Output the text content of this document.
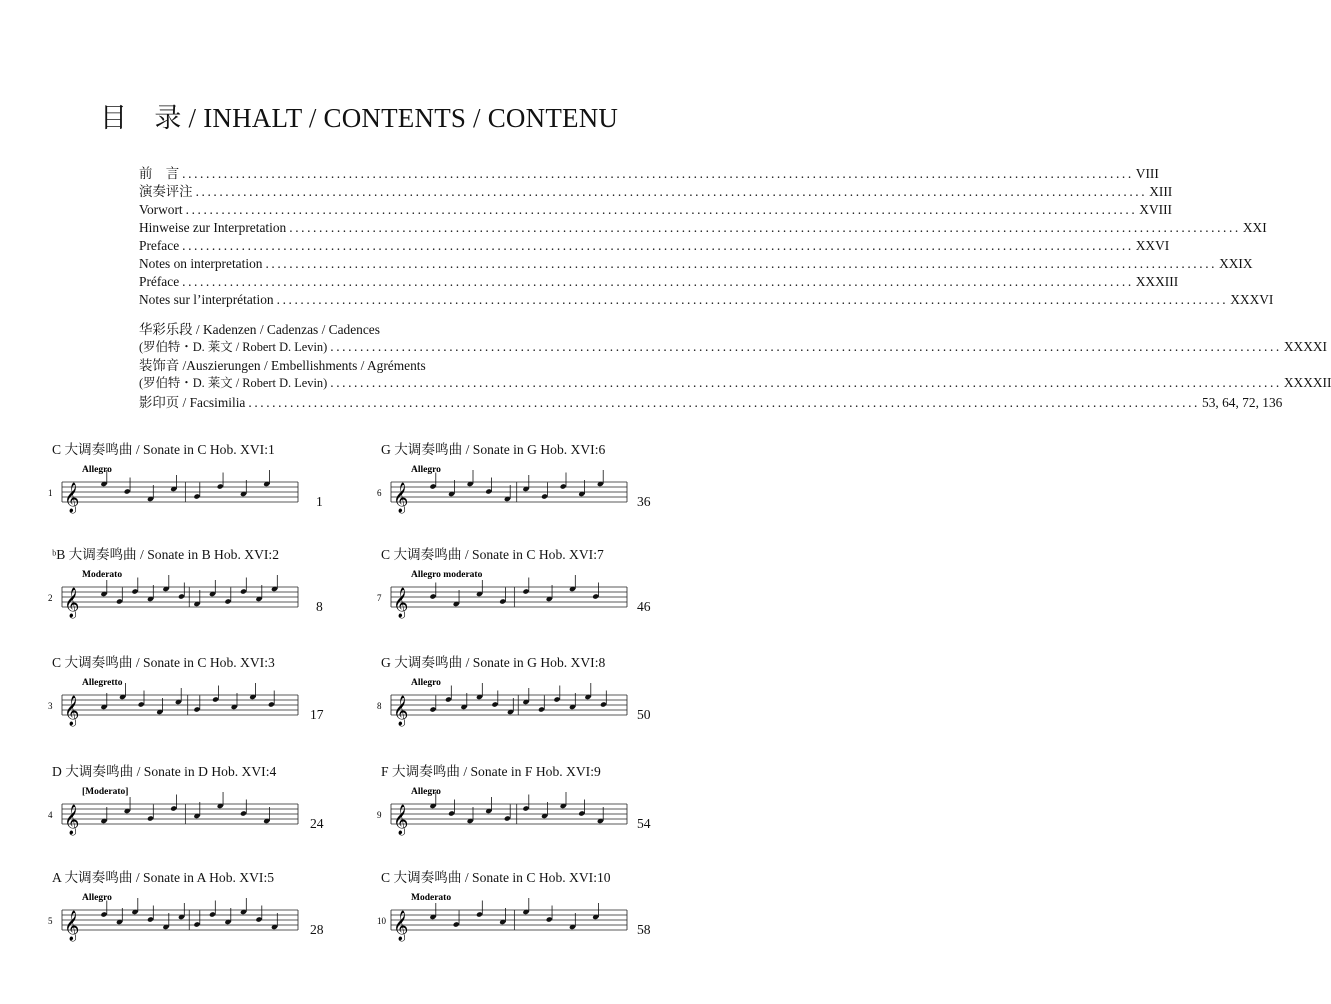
目　录 / INHALT / CONTENTS / CONTENU
前　言 ................................................................................................................................................................ VIII
演奏评注 ................................................................................................................................................................ XIII
Vorwort ................................................................................................................................................................ XVIII
Hinweise zur Interpretation ................................................................................................................................................................ XXI
Preface ................................................................................................................................................................ XXVI
Notes on interpretation ................................................................................................................................................................ XXIX
Préface ................................................................................................................................................................ XXXIII
Notes sur l’interprétation ................................................................................................................................................................ XXXVI
华彩乐段 / Kadenzen / Cadenzas / Cadences
(罗伯特・D. 莱文 / Robert D. Levin) ................................................................................................................................................................ XXXXI
装饰音 /Auszierungen / Embellishments / Agréments
(罗伯特・D. 莱文 / Robert D. Levin) ................................................................................................................................................................ XXXXII
影印页 / Facsimilia ................................................................................................................................................................ 53, 64, 72, 136
C 大调奏鸣曲 / Sonate in C Hob. XVI:1
Allegro
1 𝄞	1
ᵇB 大调奏鸣曲 / Sonate in B Hob. XVI:2
Moderato
2 𝄞	8
C 大调奏鸣曲 / Sonate in C Hob. XVI:3
Allegretto
3 𝄞	17
D 大调奏鸣曲 / Sonate in D Hob. XVI:4
[Moderato]
4 𝄞	24
A 大调奏鸣曲 / Sonate in A Hob. XVI:5
Allegro
5 𝄞	28
G 大调奏鸣曲 / Sonate in G Hob. XVI:6
Allegro
6 𝄞	36
C 大调奏鸣曲 / Sonate in C Hob. XVI:7
Allegro moderato
7 𝄞	46
G 大调奏鸣曲 / Sonate in G Hob. XVI:8
Allegro
8 𝄞	50
F 大调奏鸣曲 / Sonate in F Hob. XVI:9
Allegro
9 𝄞	54
C 大调奏鸣曲 / Sonate in C Hob. XVI:10
Moderato
10 𝄞	58
